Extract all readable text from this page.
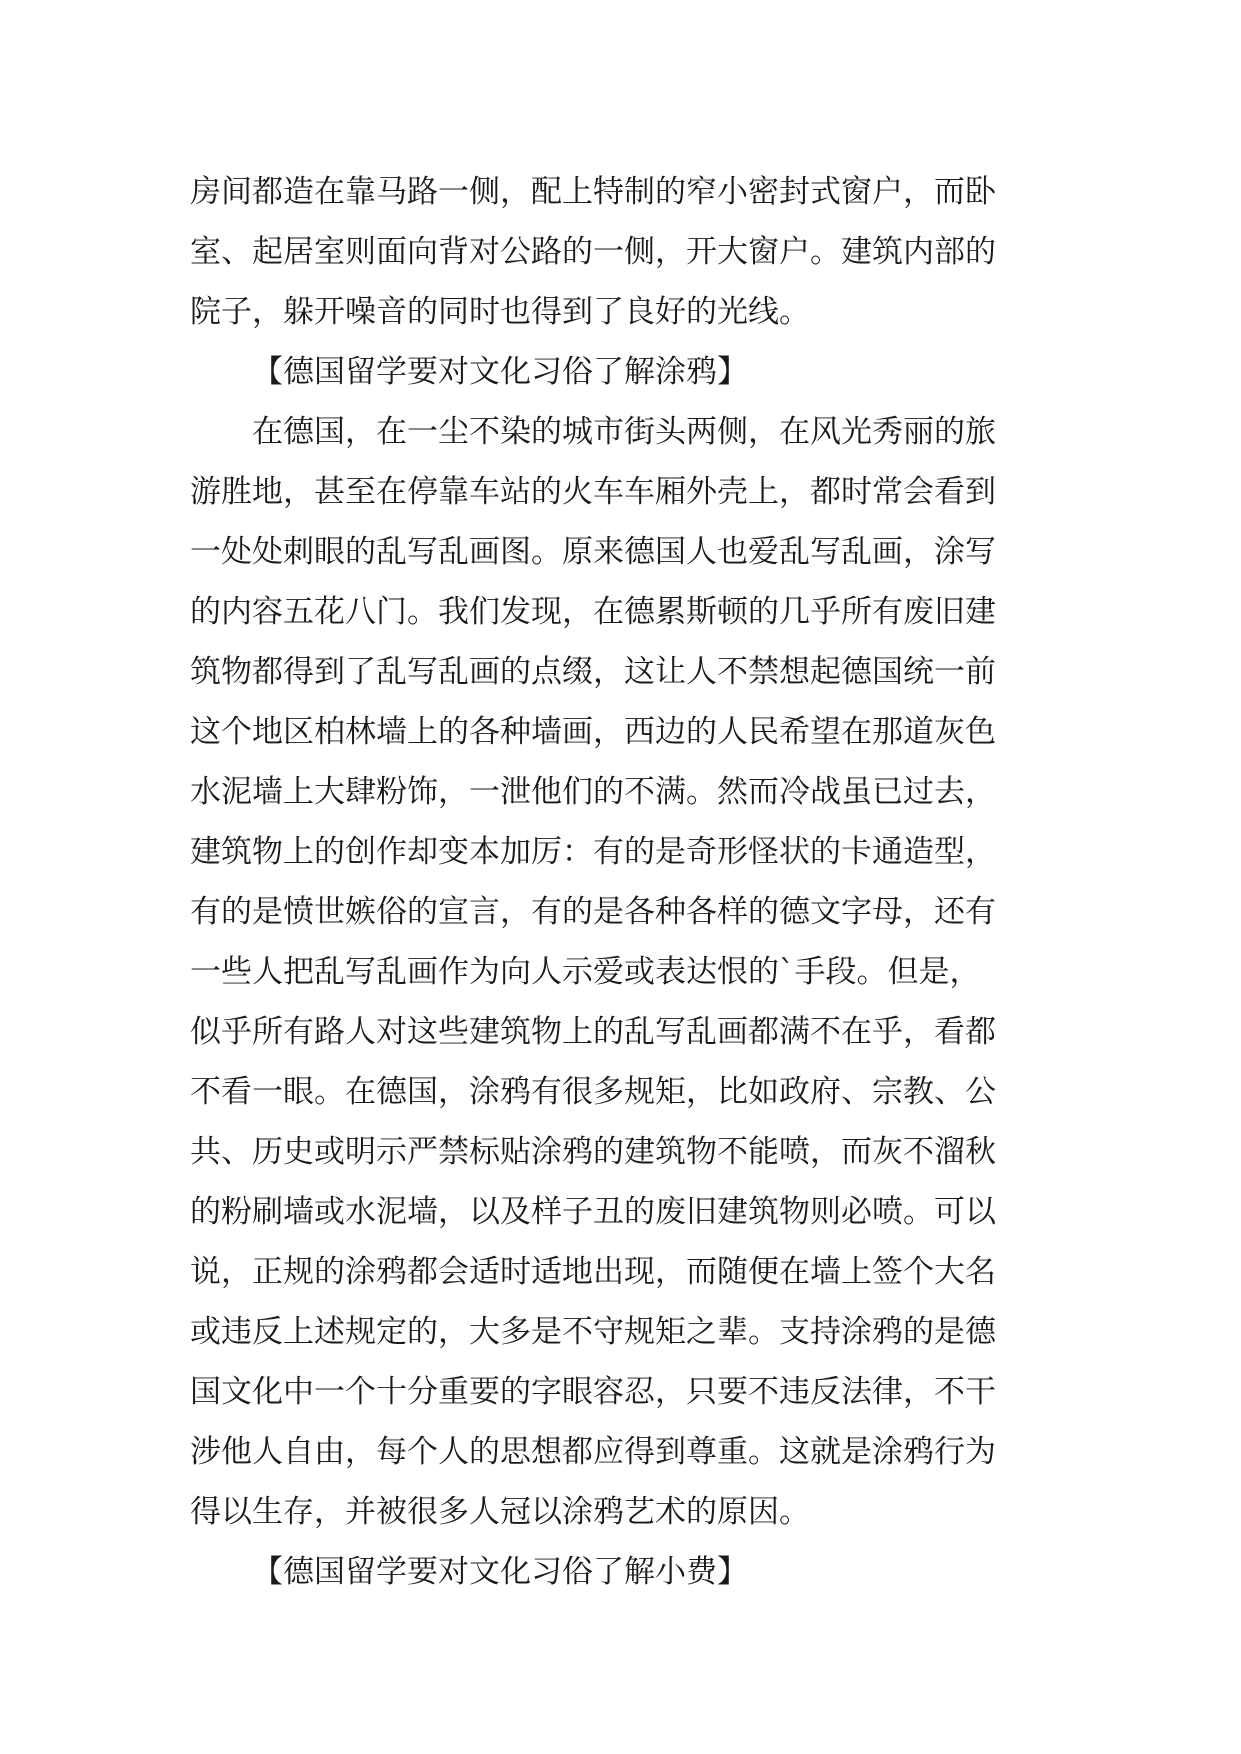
房间都造在靠马路一侧，配上特制的窄小密封式窗户，而卧
室、起居室则面向背对公路的一侧，开大窗户。建筑内部的
院子，躲开噪音的同时也得到了良好的光线。
【德国留学要对文化习俗了解涂鸦】
在德国，在一尘不染的城市街头两侧，在风光秀丽的旅
游胜地，甚至在停靠车站的火车车厢外壳上，都时常会看到
一处处刺眼的乱写乱画图。原来德国人也爱乱写乱画，涂写
的内容五花八门。我们发现，在德累斯顿的几乎所有废旧建
筑物都得到了乱写乱画的点缀，这让人不禁想起德国统一前
这个地区柏林墙上的各种墙画，西边的人民希望在那道灰色
水泥墙上大肆粉饰，一泄他们的不满。然而冷战虽已过去，
建筑物上的创作却变本加厉：有的是奇形怪状的卡通造型，
有的是愤世嫉俗的宣言，有的是各种各样的德文字母，还有
一些人把乱写乱画作为向人示爱或表达恨的`手段。但是，
似乎所有路人对这些建筑物上的乱写乱画都满不在乎，看都
不看一眼。在德国，涂鸦有很多规矩，比如政府、宗教、公
共、历史或明示严禁标贴涂鸦的建筑物不能喷，而灰不溜秋
的粉刷墙或水泥墙，以及样子丑的废旧建筑物则必喷。可以
说，正规的涂鸦都会适时适地出现，而随便在墙上签个大名
或违反上述规定的，大多是不守规矩之辈。支持涂鸦的是德
国文化中一个十分重要的字眼容忍，只要不违反法律，不干
涉他人自由，每个人的思想都应得到尊重。这就是涂鸦行为
得以生存，并被很多人冠以涂鸦艺术的原因。
【德国留学要对文化习俗了解小费】
